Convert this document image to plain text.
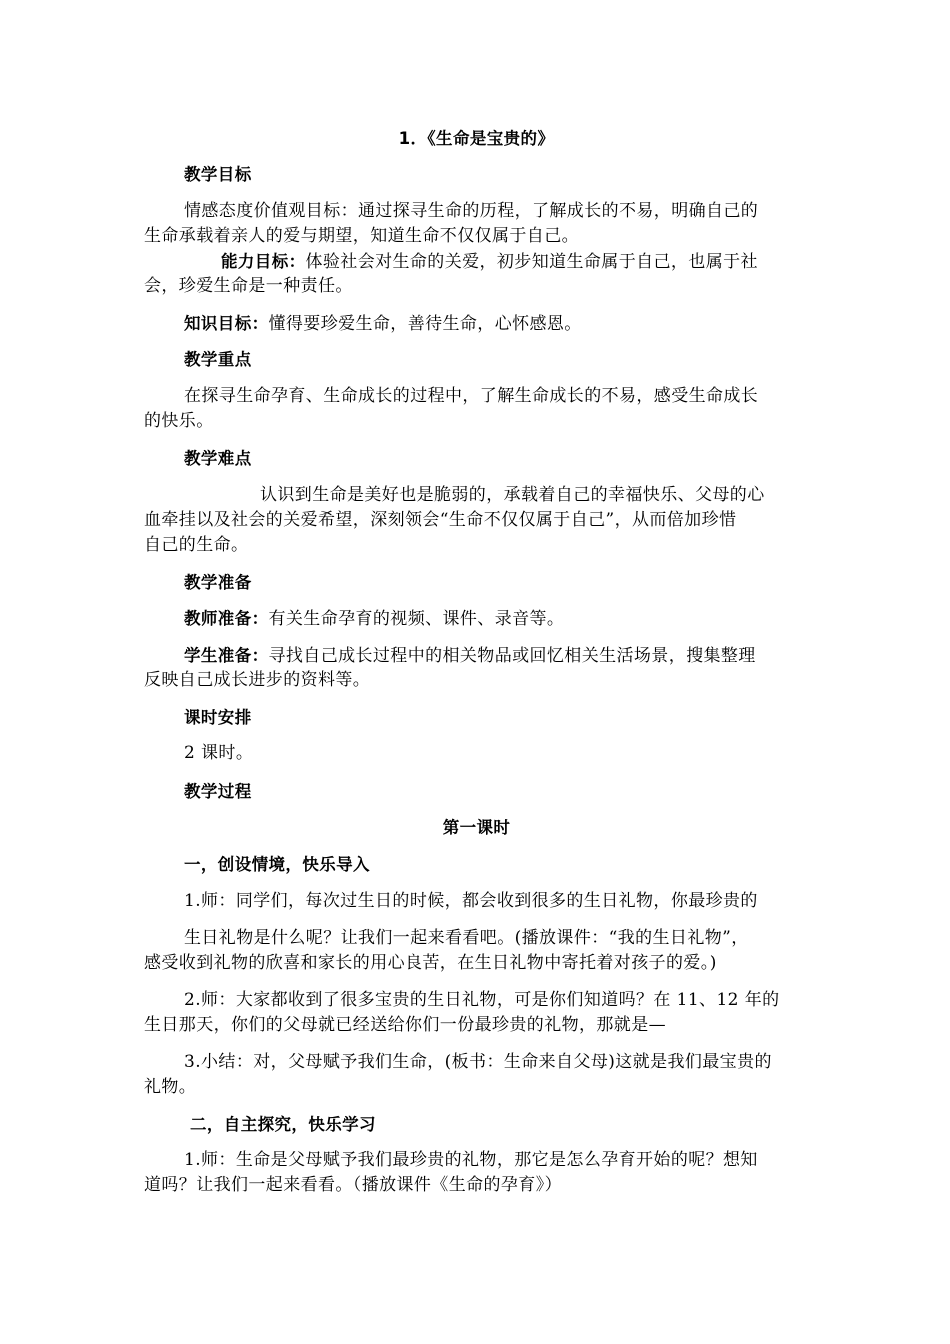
1．《生命是宝贵的》
教学目标
情感态度价值观目标：通过探寻生命的历程，了解成长的不易，明确自己的
生命承载着亲人的爱与期望，知道生命不仅仅属于自己。
能力目标：体验社会对生命的关爱，初步知道生命属于自己，也属于社
会，珍爱生命是一种责任。
知识目标：懂得要珍爱生命，善待生命，心怀感恩。
教学重点
在探寻生命孕育、生命成长的过程中，了解生命成长的不易，感受生命成长
的快乐。
教学难点
认识到生命是美好也是脆弱的，承载着自己的幸福快乐、父母的心
血牵挂以及社会的关爱希望，深刻领会“生命不仅仅属于自己”，从而倍加珍惜
自己的生命。
教学准备
教师准备：有关生命孕育的视频、课件、录音等。
学生准备：寻找自己成长过程中的相关物品或回忆相关生活场景，搜集整理
反映自己成长进步的资料等。
课时安排
2 课时。
教学过程
第一课时
一，创设情境，快乐导入
1.师：同学们，每次过生日的时候，都会收到很多的生日礼物，你最珍贵的
生日礼物是什么呢？让我们一起来看看吧。(播放课件：“我的生日礼物”，
感受收到礼物的欣喜和家长的用心良苦，在生日礼物中寄托着对孩子的爱。)
2.师：大家都收到了很多宝贵的生日礼物，可是你们知道吗？在 11、12 年的
生日那天，你们的父母就已经送给你们一份最珍贵的礼物，那就是—
3.小结：对，父母赋予我们生命，(板书：生命来自父母)这就是我们最宝贵的
礼物。
二，自主探究，快乐学习
1.师：生命是父母赋予我们最珍贵的礼物，那它是怎么孕育开始的呢？想知
道吗？让我们一起来看看。（播放课件《生命的孕育》）
